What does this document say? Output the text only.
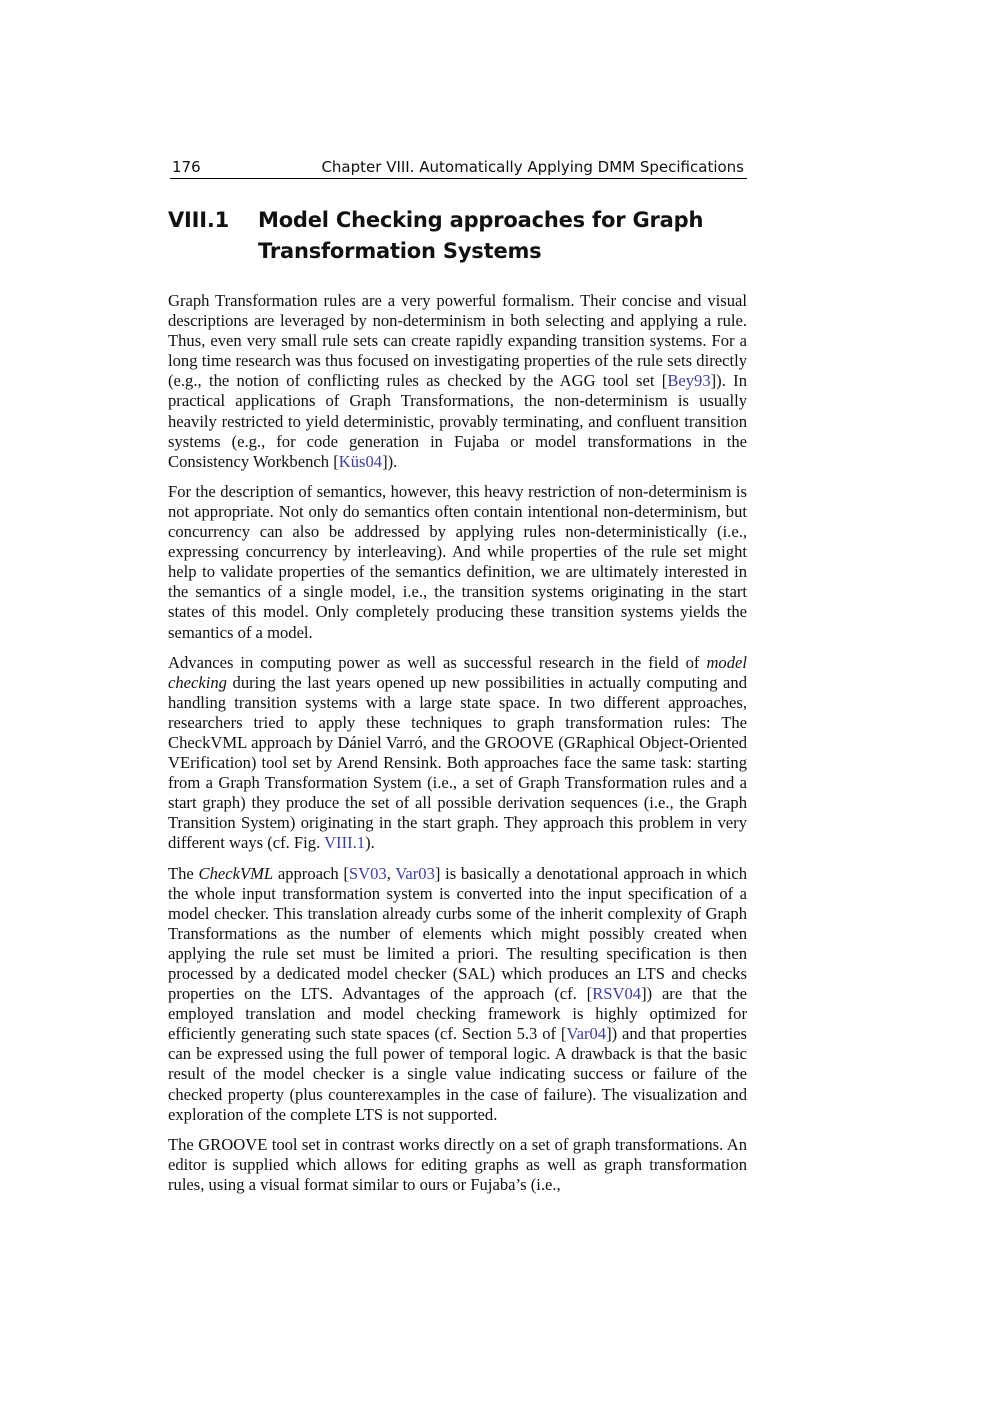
176	Chapter VIII. Automatically Applying DMM Specifications
VIII.1 Model Checking approaches for Graph Transformation Systems

Graph Transformation rules are a very powerful formalism. Their concise and visual descriptions are leveraged by non-determinism in both selecting and applying a rule. Thus, even very small rule sets can create rapidly expanding transition systems. For a long time research was thus focused on investigating properties of the rule sets directly (e.g., the notion of conflicting rules as checked by the AGG tool set [Bey93]). In practical applications of Graph Transformations, the non-determinism is usually heavily restricted to yield deterministic, provably terminating, and confluent transition systems (e.g., for code generation in Fujaba or model transformations in the Consistency Workbench [Küs04]).

For the description of semantics, however, this heavy restriction of non-determinism is not appropriate. Not only do semantics often contain intentional non-determinism, but concurrency can also be addressed by applying rules non-deterministically (i.e., expressing concurrency by interleaving). And while properties of the rule set might help to validate properties of the semantics definition, we are ultimately interested in the semantics of a single model, i.e., the transition systems originating in the start states of this model. Only completely producing these transition systems yields the semantics of a model.

Advances in computing power as well as successful research in the field of model checking during the last years opened up new possibilities in actually computing and handling transition systems with a large state space. In two different approaches, researchers tried to apply these techniques to graph transformation rules: The CheckVML approach by Dániel Varró, and the GROOVE (GRaphical Object-Oriented VErification) tool set by Arend Rensink. Both approaches face the same task: starting from a Graph Transformation System (i.e., a set of Graph Transformation rules and a start graph) they produce the set of all possible derivation sequences (i.e., the Graph Transition System) originating in the start graph. They approach this problem in very different ways (cf. Fig. VIII.1).

The CheckVML approach [SV03, Var03] is basically a denotational approach in which the whole input transformation system is converted into the input specification of a model checker. This translation already curbs some of the inherit complexity of Graph Transformations as the number of elements which might possibly created when applying the rule set must be limited a priori. The resulting specification is then processed by a dedicated model checker (SAL) which produces an LTS and checks properties on the LTS. Advantages of the approach (cf. [RSV04]) are that the employed translation and model checking framework is highly optimized for efficiently generating such state spaces (cf. Section 5.3 of [Var04]) and that properties can be expressed using the full power of temporal logic. A drawback is that the basic result of the model checker is a single value indicating success or failure of the checked property (plus counterexamples in the case of failure). The visualization and exploration of the complete LTS is not supported.

The GROOVE tool set in contrast works directly on a set of graph transformations. An editor is supplied which allows for editing graphs as well as graph transformation rules, using a visual format similar to ours or Fujaba’s (i.e.,
